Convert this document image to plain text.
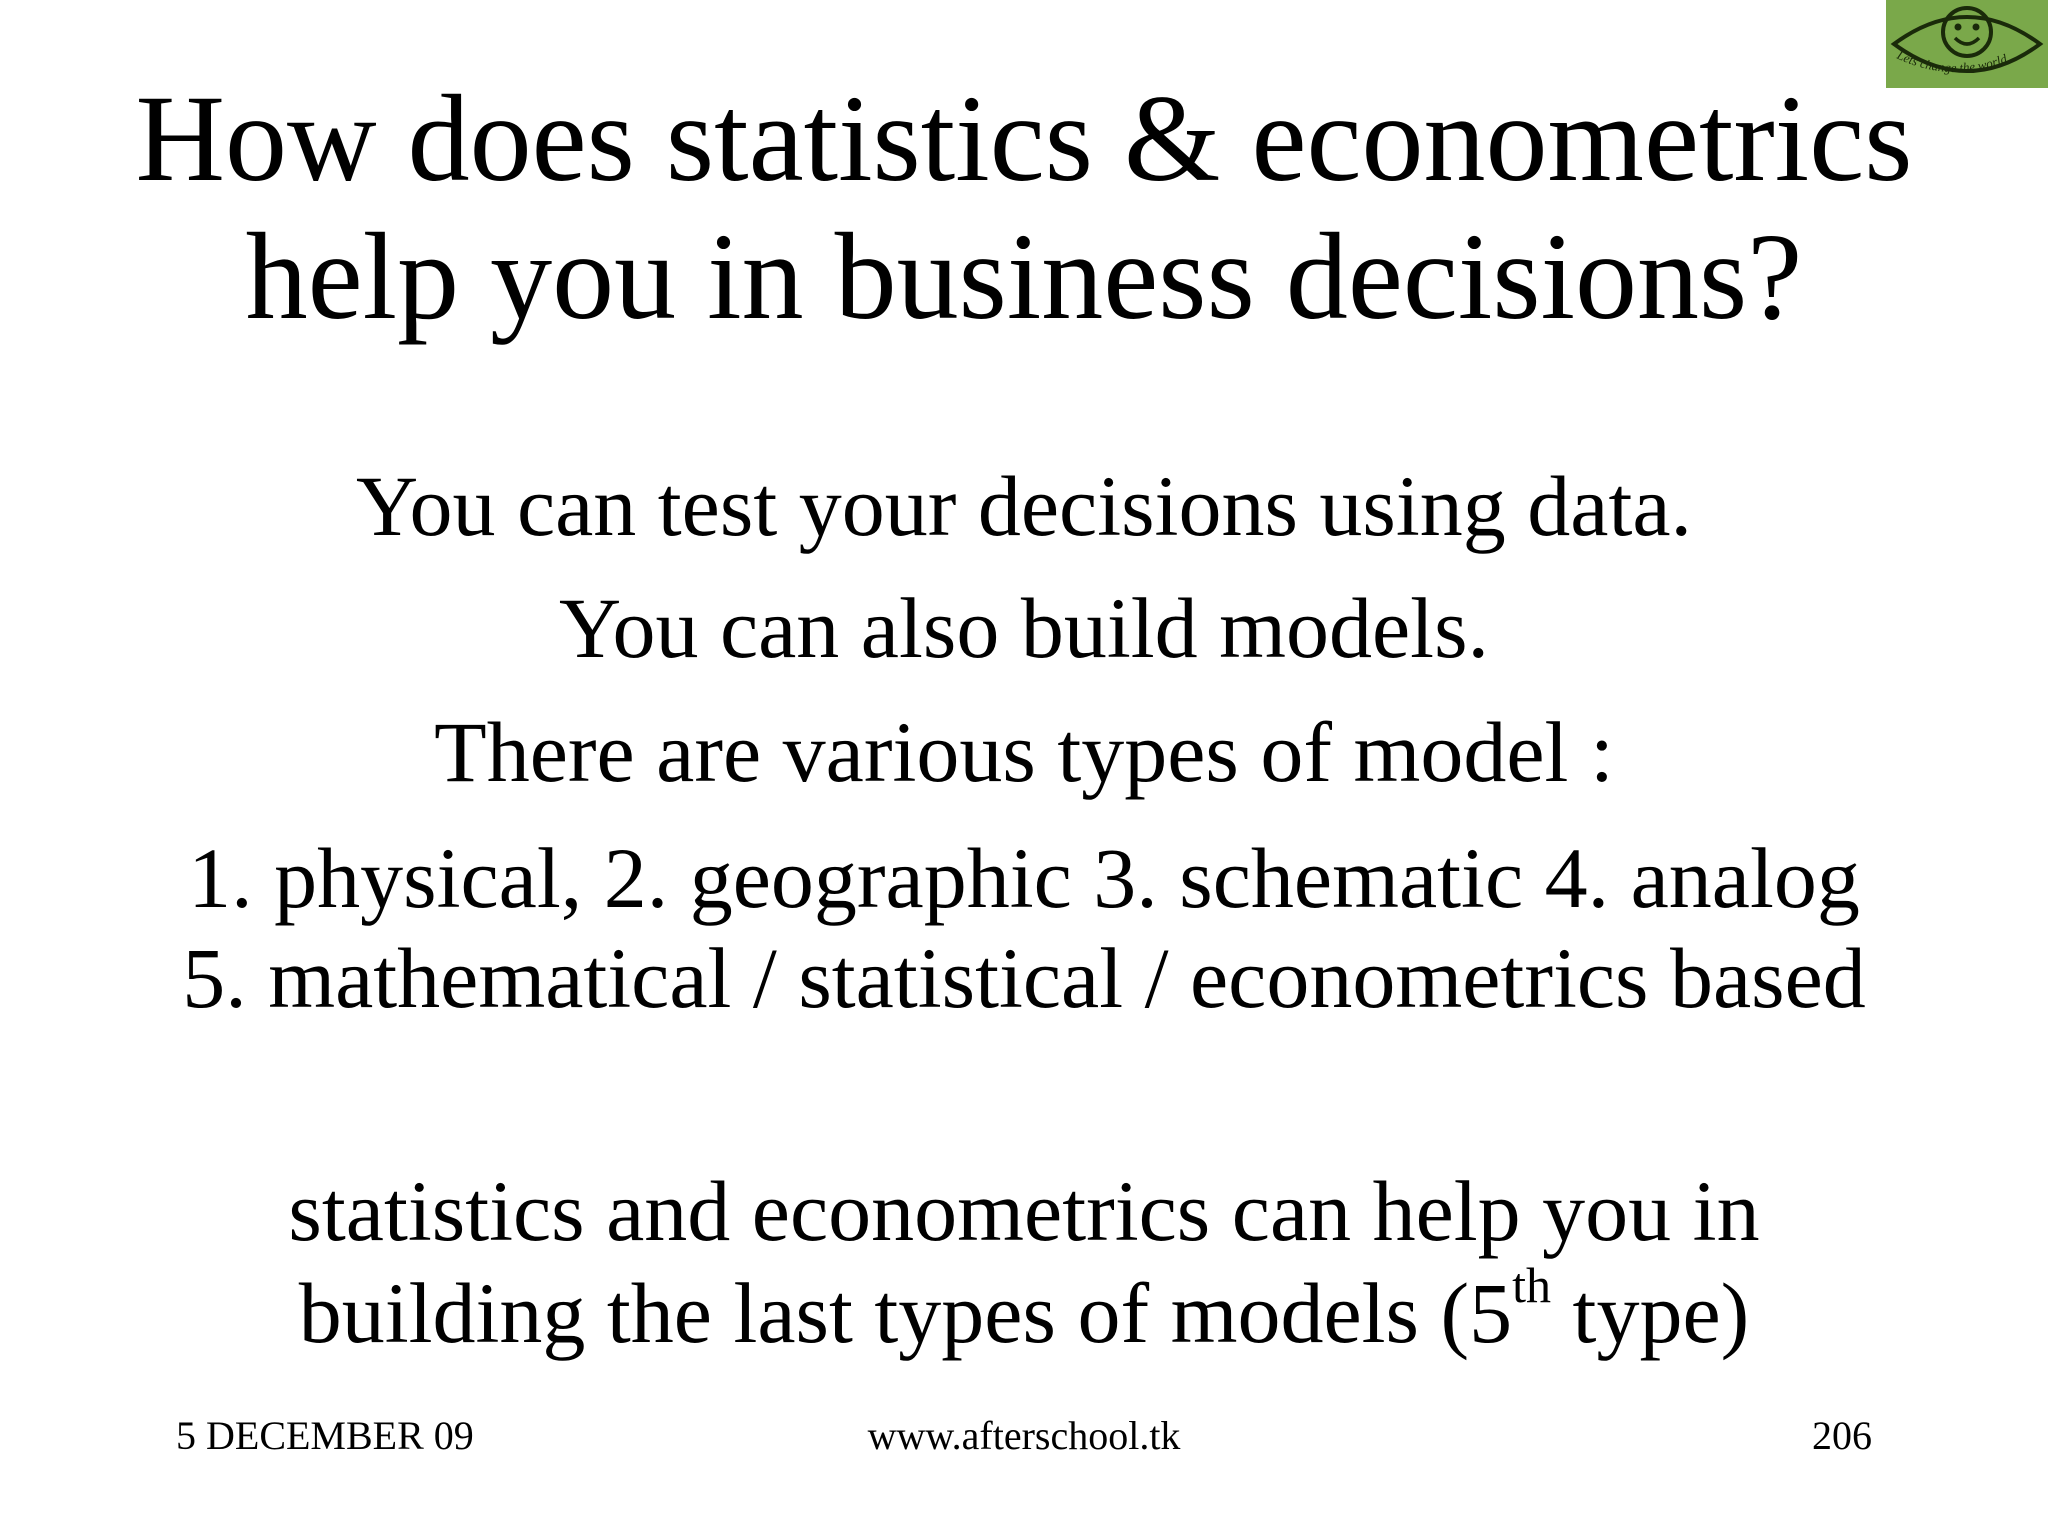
Lets change the world
How does statistics & econometrics help you in business decisions?

You can test your decisions using data.

You can also build models.

There are various types of model :

1. physical, 2. geographic 3. schematic 4. analog 5. mathematical / statistical / econometrics based

statistics and econometrics can help you in building the last types of models (5th type)

5 DECEMBER 09	www.afterschool.tk	206
